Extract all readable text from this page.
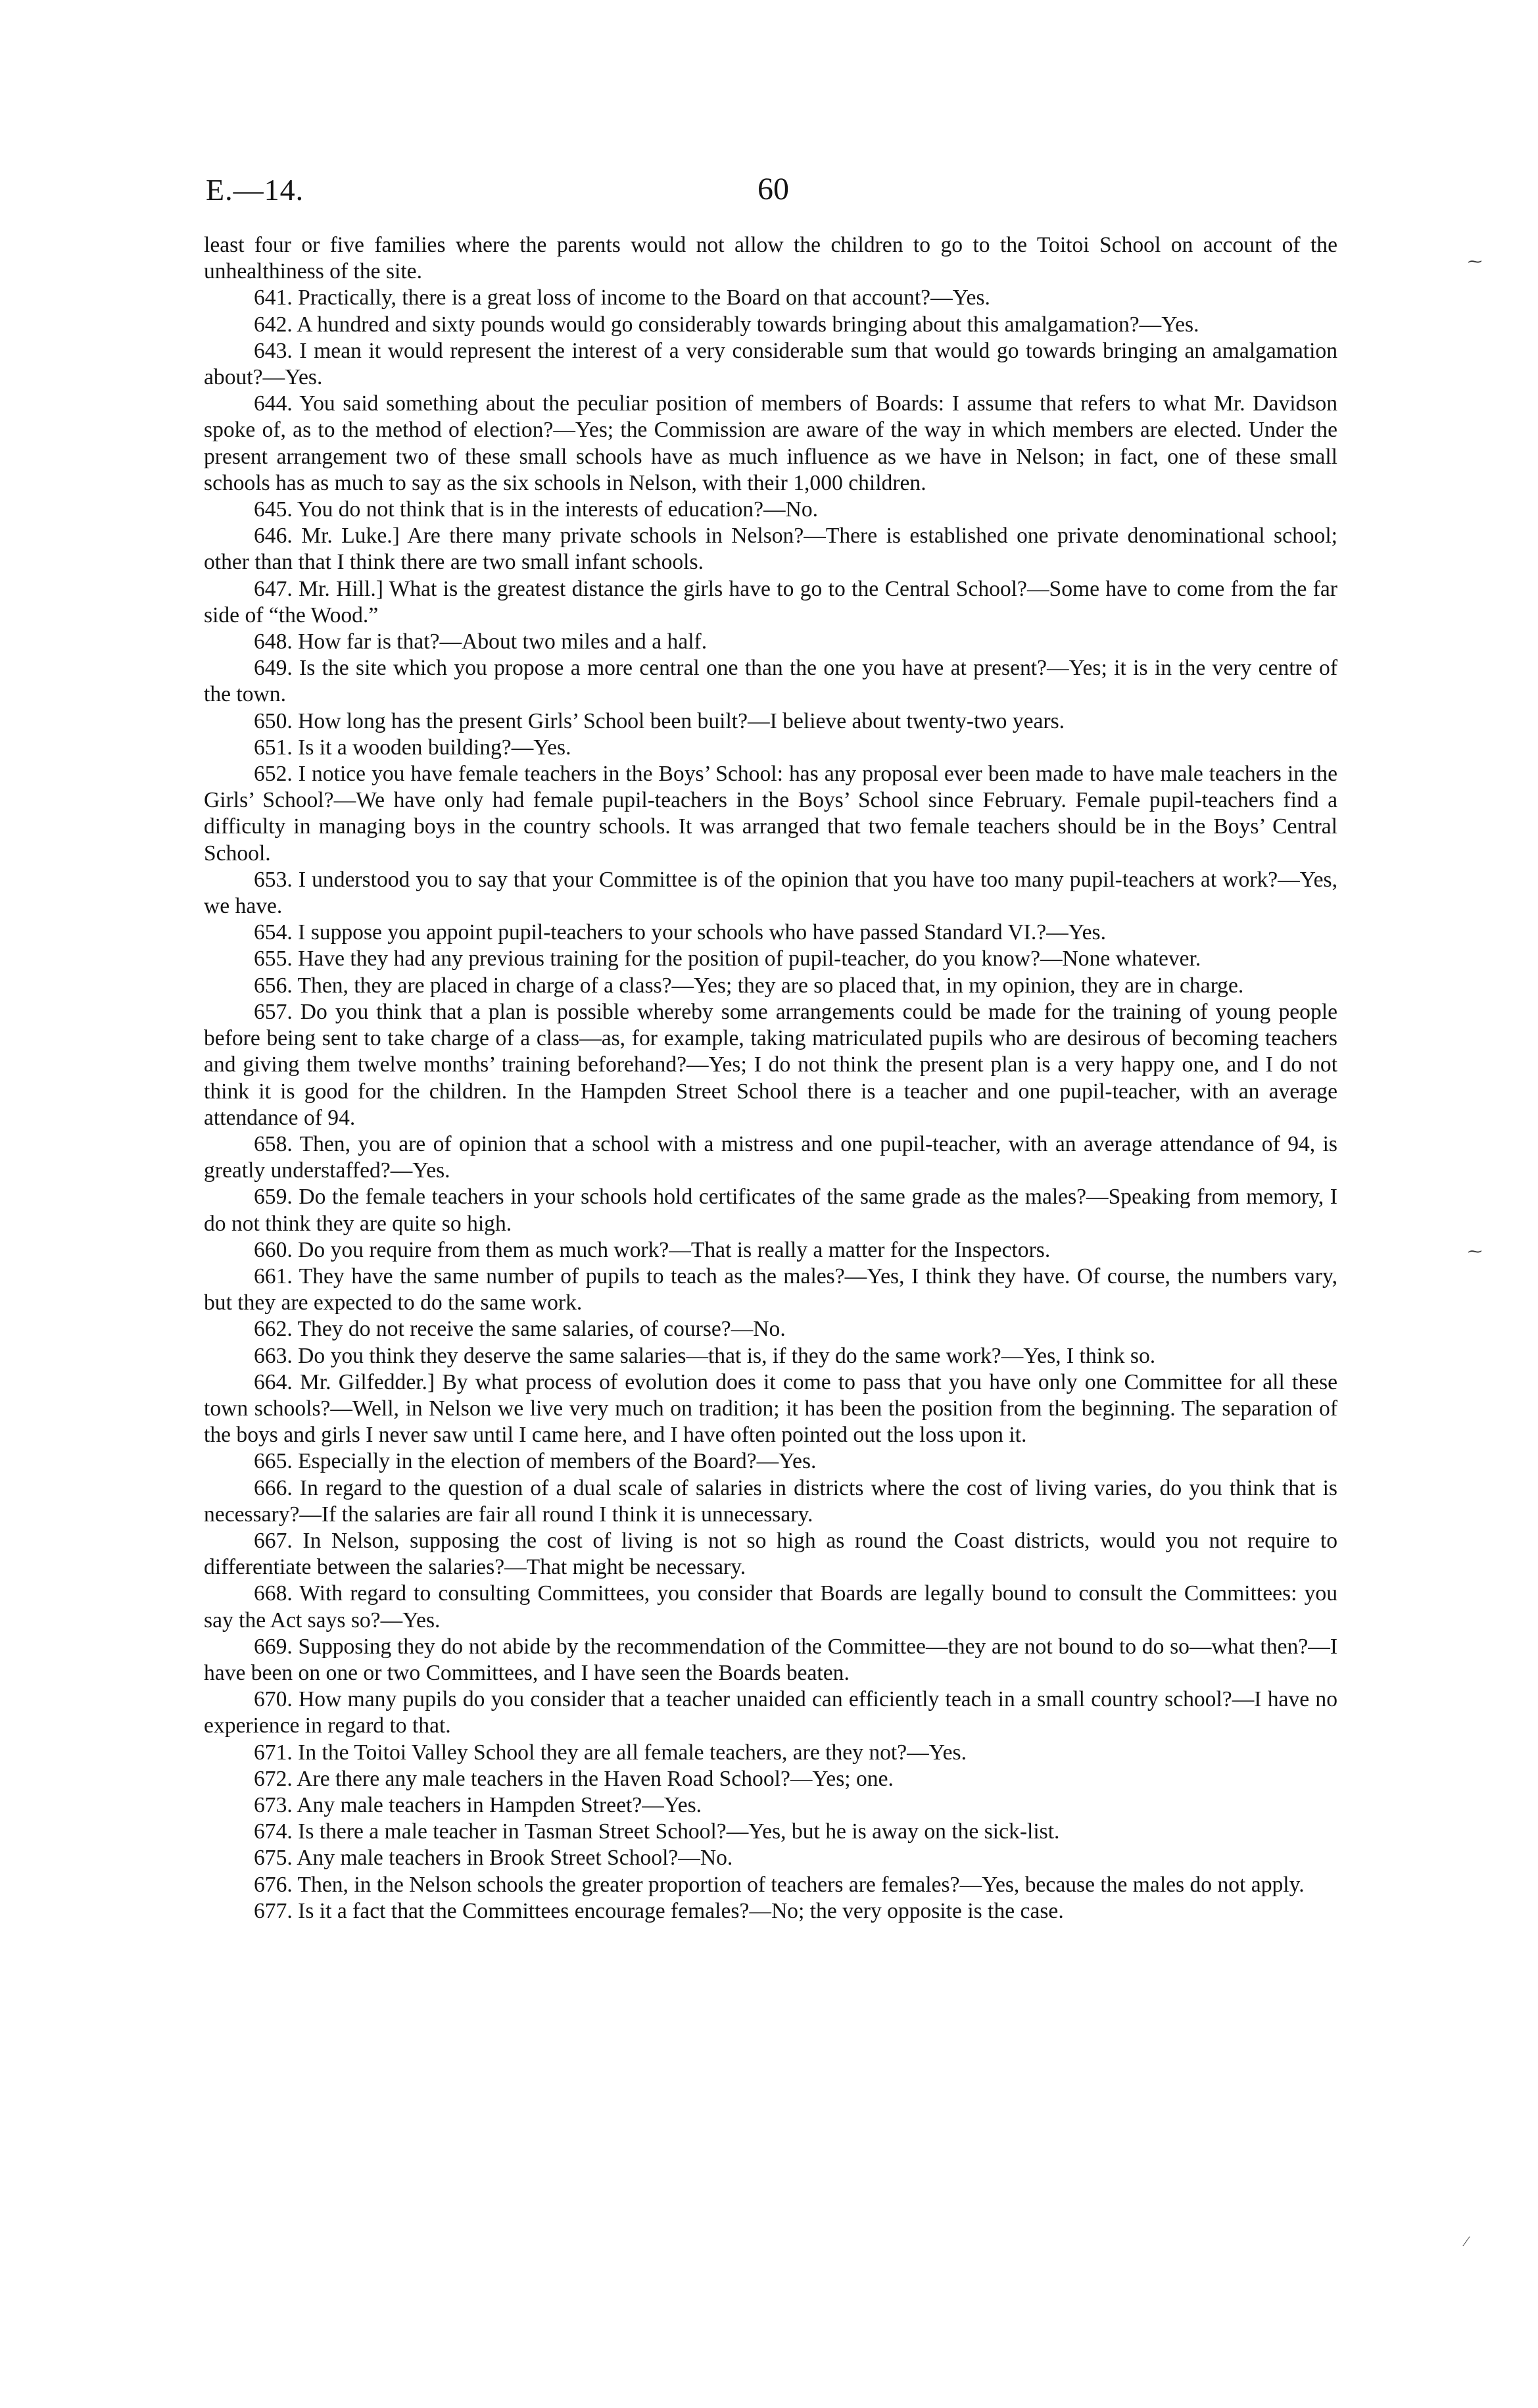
E.—14.	60
⁓
⁓
⁄

least four or five families where the parents would not allow the children to go to the Toitoi School on account of the unhealthiness of the site.

641. Practically, there is a great loss of income to the Board on that account?—Yes.

642. A hundred and sixty pounds would go considerably towards bringing about this amalgamation?—Yes.

643. I mean it would represent the interest of a very considerable sum that would go towards bringing an amalgamation about?—Yes.

644. You said something about the peculiar position of members of Boards: I assume that refers to what Mr. Davidson spoke of, as to the method of election?—Yes; the Commission are aware of the way in which members are elected. Under the present arrangement two of these small schools have as much influence as we have in Nelson; in fact, one of these small schools has as much to say as the six schools in Nelson, with their 1,000 children.

645. You do not think that is in the interests of education?—No.

646. Mr. Luke.] Are there many private schools in Nelson?—There is established one private denominational school; other than that I think there are two small infant schools.

647. Mr. Hill.] What is the greatest distance the girls have to go to the Central School?—Some have to come from the far side of “the Wood.”

648. How far is that?—About two miles and a half.

649. Is the site which you propose a more central one than the one you have at present?—Yes; it is in the very centre of the town.

650. How long has the present Girls’ School been built?—I believe about twenty-two years.

651. Is it a wooden building?—Yes.

652. I notice you have female teachers in the Boys’ School: has any proposal ever been made to have male teachers in the Girls’ School?—We have only had female pupil-teachers in the Boys’ School since February. Female pupil-teachers find a difficulty in managing boys in the country schools. It was arranged that two female teachers should be in the Boys’ Central School.

653. I understood you to say that your Committee is of the opinion that you have too many pupil-teachers at work?—Yes, we have.

654. I suppose you appoint pupil-teachers to your schools who have passed Standard VI.?—Yes.

655. Have they had any previous training for the position of pupil-teacher, do you know?—None whatever.

656. Then, they are placed in charge of a class?—Yes; they are so placed that, in my opinion, they are in charge.

657. Do you think that a plan is possible whereby some arrangements could be made for the training of young people before being sent to take charge of a class—as, for example, taking matriculated pupils who are desirous of becoming teachers and giving them twelve months’ training beforehand?—Yes; I do not think the present plan is a very happy one, and I do not think it is good for the children. In the Hampden Street School there is a teacher and one pupil-teacher, with an average attendance of 94.

658. Then, you are of opinion that a school with a mistress and one pupil-teacher, with an average attendance of 94, is greatly understaffed?—Yes.

659. Do the female teachers in your schools hold certificates of the same grade as the males?—Speaking from memory, I do not think they are quite so high.

660. Do you require from them as much work?—That is really a matter for the Inspectors.

661. They have the same number of pupils to teach as the males?—Yes, I think they have. Of course, the numbers vary, but they are expected to do the same work.

662. They do not receive the same salaries, of course?—No.

663. Do you think they deserve the same salaries—that is, if they do the same work?—Yes, I think so.

664. Mr. Gilfedder.] By what process of evolution does it come to pass that you have only one Committee for all these town schools?—Well, in Nelson we live very much on tradition; it has been the position from the beginning. The separation of the boys and girls I never saw until I came here, and I have often pointed out the loss upon it.

665. Especially in the election of members of the Board?—Yes.

666. In regard to the question of a dual scale of salaries in districts where the cost of living varies, do you think that is necessary?—If the salaries are fair all round I think it is unnecessary.

667. In Nelson, supposing the cost of living is not so high as round the Coast districts, would you not require to differentiate between the salaries?—That might be necessary.

668. With regard to consulting Committees, you consider that Boards are legally bound to consult the Committees: you say the Act says so?—Yes.

669. Supposing they do not abide by the recommendation of the Committee—they are not bound to do so—what then?—I have been on one or two Committees, and I have seen the Boards beaten.

670. How many pupils do you consider that a teacher unaided can efficiently teach in a small country school?—I have no experience in regard to that.

671. In the Toitoi Valley School they are all female teachers, are they not?—Yes.

672. Are there any male teachers in the Haven Road School?—Yes; one.

673. Any male teachers in Hampden Street?—Yes.

674. Is there a male teacher in Tasman Street School?—Yes, but he is away on the sick-list.

675. Any male teachers in Brook Street School?—No.

676. Then, in the Nelson schools the greater proportion of teachers are females?—Yes, because the males do not apply.

677. Is it a fact that the Committees encourage females?—No; the very opposite is the case.
